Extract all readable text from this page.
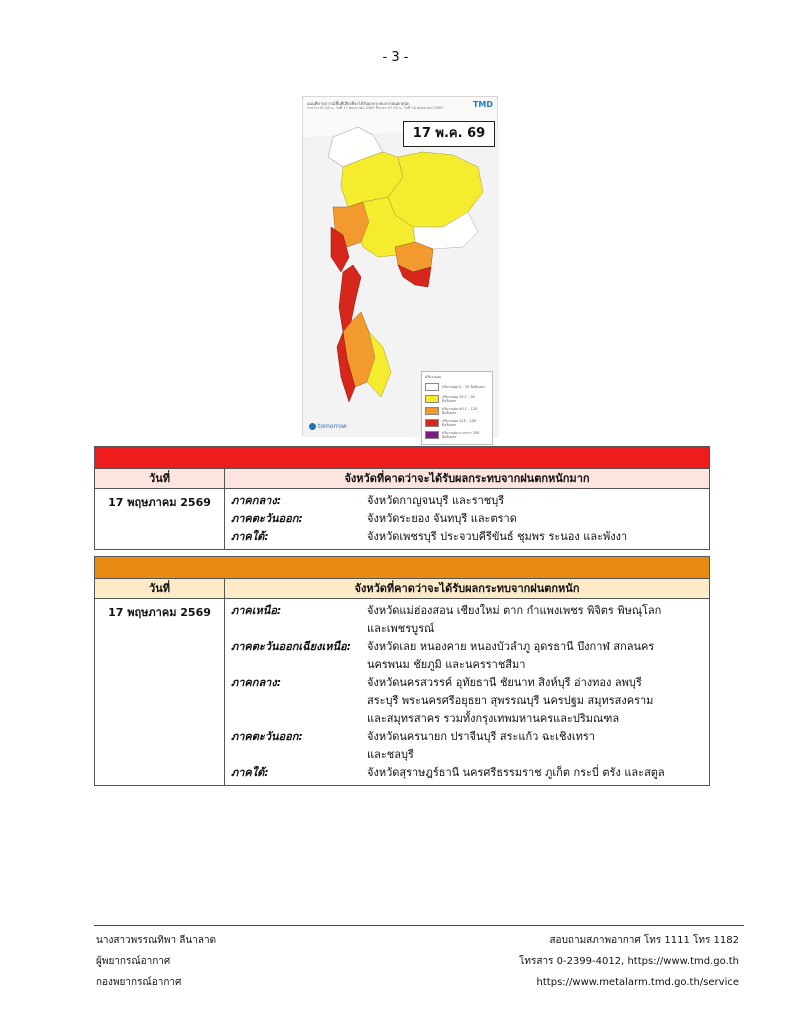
- 3 -
แผนที่คาดการณ์พื้นที่เสี่ยงที่จะได้รับผลกระทบจากฝนตกหนัก
ระหว่าง 07.00 น. วันที่ 17 พฤษภาคม 2569 ถึงเวลา 07.00 น. วันที่ 18 พฤษภาคม 2569	TMD
17 พ.ค. 69
ปริมาณฝน
ปริมาณฝน 0 - 35 มิลลิเมตร
ปริมาณฝน 35.1 - 90 มิลลิเมตร
ปริมาณฝน 90.1 - 125 มิลลิเมตร
ปริมาณฝน 125 - 250 มิลลิเมตร
ปริมาณฝน มากกว่า 250 มิลลิเมตร
tomorrow
วันที่	จังหวัดที่คาดว่าจะได้รับผลกระทบจากฝนตกหนักมาก
17 พฤษภาคม 2569	ภาคกลาง:	จังหวัดกาญจนบุรี และราชบุรี
ภาคตะวันออก:	จังหวัดระยอง จันทบุรี และตราด
ภาคใต้:	จังหวัดเพชรบุรี ประจวบคีรีขันธ์ ชุมพร ระนอง และพังงา
วันที่	จังหวัดที่คาดว่าจะได้รับผลกระทบจากฝนตกหนัก
17 พฤษภาคม 2569	ภาคเหนือ:	จังหวัดแม่ฮ่องสอน เชียงใหม่ ตาก กำแพงเพชร พิจิตร พิษณุโลก
และเพชรบูรณ์
ภาคตะวันออกเฉียงเหนือ:	จังหวัดเลย หนองคาย หนองบัวลำภู อุดรธานี บึงกาฬ สกลนคร
นครพนม ชัยภูมิ และนครราชสีมา
ภาคกลาง:	จังหวัดนครสวรรค์ อุทัยธานี ชัยนาท สิงห์บุรี อ่างทอง ลพบุรี
สระบุรี พระนครศรีอยุธยา สุพรรณบุรี นครปฐม สมุทรสงคราม
และสมุทรสาคร รวมทั้งกรุงเทพมหานครและปริมณฑล
ภาคตะวันออก:	จังหวัดนครนายก ปราจีนบุรี สระแก้ว ฉะเชิงเทรา
และชลบุรี
ภาคใต้:	จังหวัดสุราษฎร์ธานี นครศรีธรรมราช ภูเก็ต กระบี่ ตรัง และสตูล
นางสาวพรรณทิพา ลีนาลาด
ผู้พยากรณ์อากาศ
กองพยากรณ์อากาศ
สอบถามสภาพอากาศ โทร 1111 โทร 1182
โทรสาร 0-2399-4012, https://www.tmd.go.th
https://www.metalarm.tmd.go.th/service
